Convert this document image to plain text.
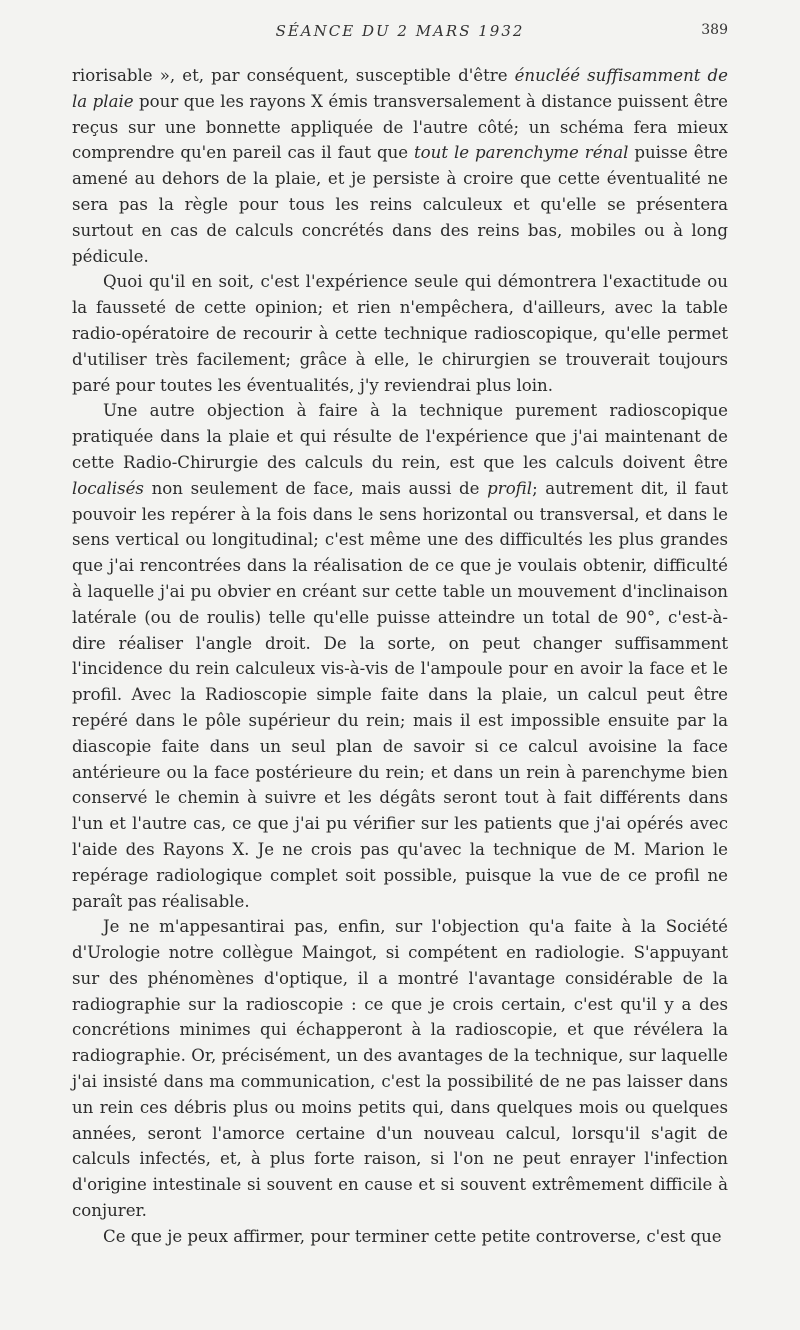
SÉANCE DU 2 MARS 1932	389

riorisable », et, par conséquent, susceptible d'être énucléé suffisamment de la plaie pour que les rayons X émis transversalement à distance puissent être reçus sur une bonnette appliquée de l'autre côté; un schéma fera mieux comprendre qu'en pareil cas il faut que tout le parenchyme rénal puisse être amené au dehors de la plaie, et je persiste à croire que cette éventualité ne sera pas la règle pour tous les reins calculeux et qu'elle se présentera surtout en cas de calculs concrétés dans des reins bas, mobiles ou à long pédicule.

Quoi qu'il en soit, c'est l'expérience seule qui démontrera l'exactitude ou la fausseté de cette opinion; et rien n'empêchera, d'ailleurs, avec la table radio-opératoire de recourir à cette technique radioscopique, qu'elle permet d'utiliser très facilement; grâce à elle, le chirurgien se trouverait toujours paré pour toutes les éventualités, j'y reviendrai plus loin.

Une autre objection à faire à la technique purement radioscopique pratiquée dans la plaie et qui résulte de l'expérience que j'ai maintenant de cette Radio-Chirurgie des calculs du rein, est que les calculs doivent être localisés non seulement de face, mais aussi de profil; autrement dit, il faut pouvoir les repérer à la fois dans le sens horizontal ou transversal, et dans le sens vertical ou longitudinal; c'est même une des difficultés les plus grandes que j'ai rencontrées dans la réalisation de ce que je voulais obtenir, difficulté à laquelle j'ai pu obvier en créant sur cette table un mouvement d'inclinaison latérale (ou de roulis) telle qu'elle puisse atteindre un total de 90°, c'est-à-dire réaliser l'angle droit. De la sorte, on peut changer suffisamment l'incidence du rein calculeux vis-à-vis de l'ampoule pour en avoir la face et le profil. Avec la Radioscopie simple faite dans la plaie, un calcul peut être repéré dans le pôle supérieur du rein; mais il est impossible ensuite par la diascopie faite dans un seul plan de savoir si ce calcul avoisine la face antérieure ou la face postérieure du rein; et dans un rein à parenchyme bien conservé le chemin à suivre et les dégâts seront tout à fait différents dans l'un et l'autre cas, ce que j'ai pu vérifier sur les patients que j'ai opérés avec l'aide des Rayons X. Je ne crois pas qu'avec la technique de M. Marion le repérage radiologique complet soit possible, puisque la vue de ce profil ne paraît pas réalisable.

Je ne m'appesantirai pas, enfin, sur l'objection qu'a faite à la Société d'Urologie notre collègue Maingot, si compétent en radiologie. S'appuyant sur des phénomènes d'optique, il a montré l'avantage considérable de la radiographie sur la radioscopie : ce que je crois certain, c'est qu'il y a des concrétions minimes qui échapperont à la radioscopie, et que révélera la radiographie. Or, précisément, un des avantages de la technique, sur laquelle j'ai insisté dans ma communication, c'est la possibilité de ne pas laisser dans un rein ces débris plus ou moins petits qui, dans quelques mois ou quelques années, seront l'amorce certaine d'un nouveau calcul, lorsqu'il s'agit de calculs infectés, et, à plus forte raison, si l'on ne peut enrayer l'infection d'origine intestinale si souvent en cause et si souvent extrêmement difficile à conjurer.

Ce que je peux affirmer, pour terminer cette petite controverse, c'est que
